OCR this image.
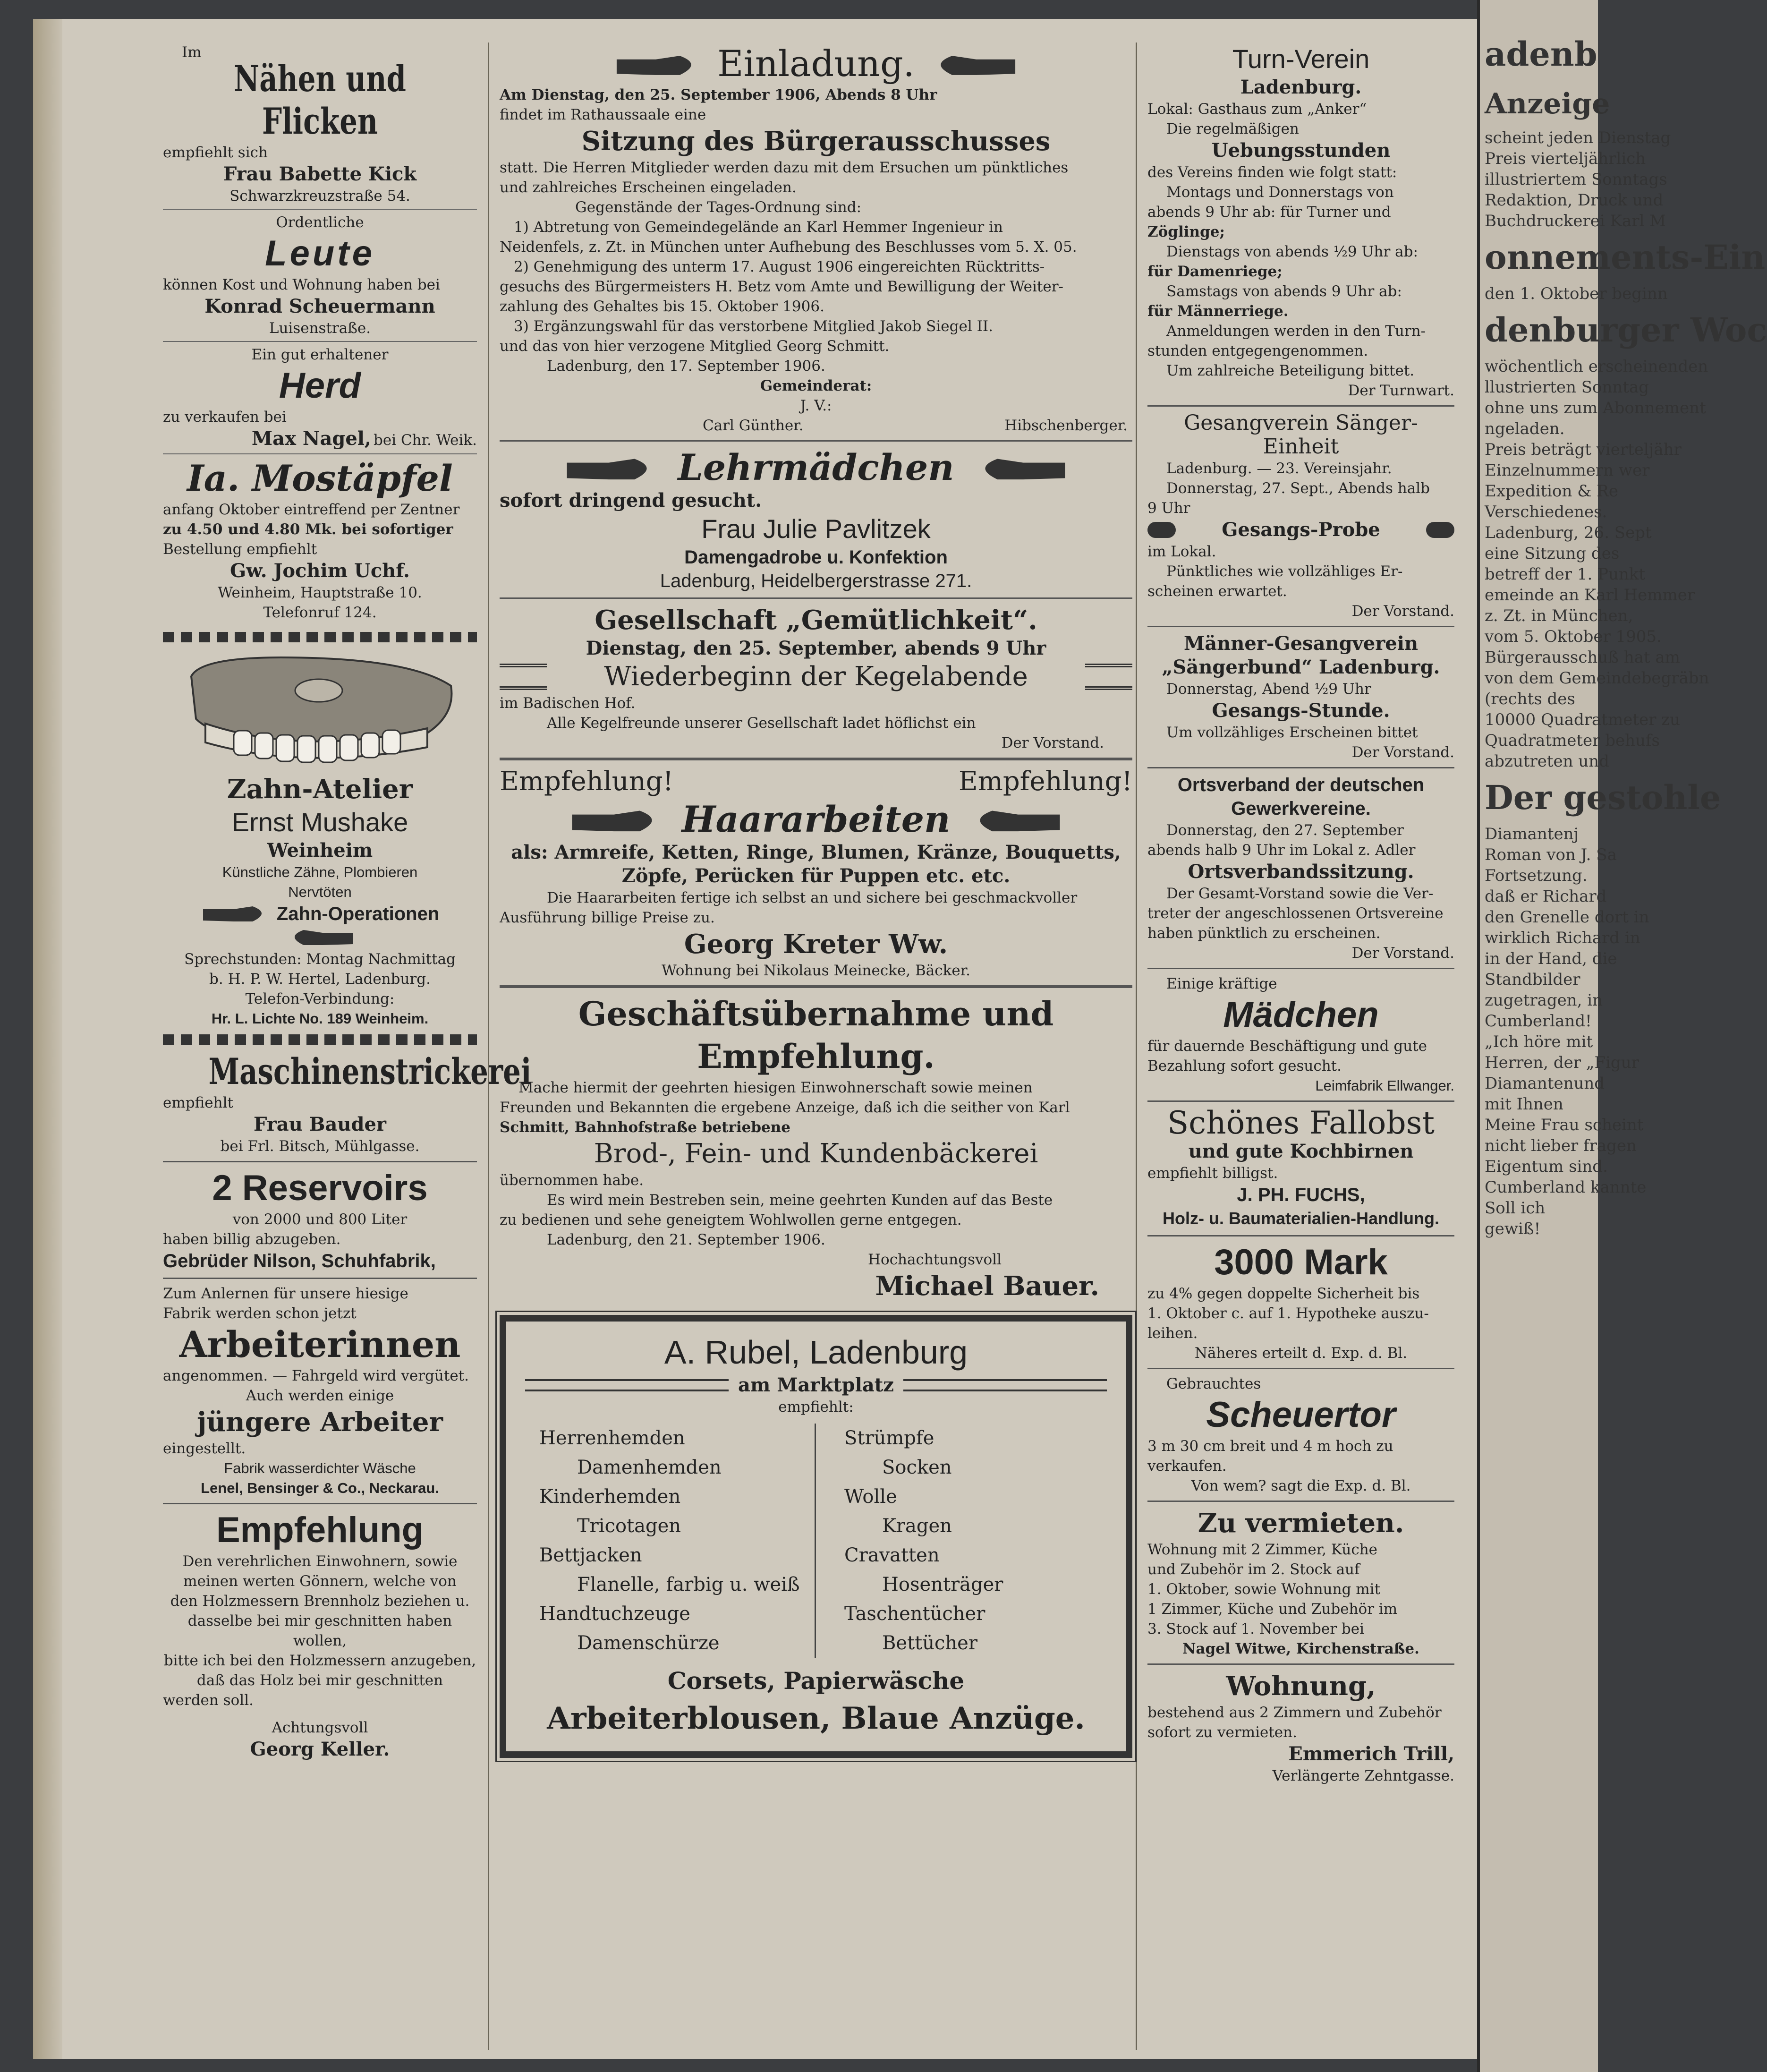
Im
Nähen und Flicken
empfiehlt sich
Frau Babette Kick
Schwarzkreuzstraße 54.
Ordentliche
Leute
können Kost und Wohnung haben bei
Konrad Scheuermann
Luisenstraße.
Ein gut erhaltener
Herd
zu verkaufen bei
Max Nagel, bei Chr. Weik.
Ia. Mostäpfel
anfang Oktober eintreffend per Zentner
zu 4.50 und 4.80 Mk. bei sofortiger
Bestellung empfiehlt
Gw. Jochim Uchf.
Weinheim, Hauptstraße 10.
Telefonruf 124.
Zahn-Atelier
Ernst Mushake
Weinheim
Künstliche Zähne, Plombieren
Nervtöten
Zahn-Operationen
Sprechstunden: Montag Nachmittag
b. H. P. W. Hertel, Ladenburg.
Telefon-Verbindung:
Hr. L. Lichte No. 189 Weinheim.
Maschinenstrickerei
empfiehlt
Frau Bauder
bei Frl. Bitsch, Mühlgasse.
2 Reservoirs
von 2000 und 800 Liter
haben billig abzugeben.
Gebrüder Nilson, Schuhfabrik,
Zum Anlernen für unsere hiesige
Fabrik werden schon jetzt
Arbeiterinnen
angenommen. — Fahrgeld wird vergütet.
Auch werden einige
jüngere Arbeiter
eingestellt.
Fabrik wasserdichter Wäsche
Lenel, Bensinger & Co., Neckarau.
Empfehlung
Den verehrlichen Einwohnern, sowie
meinen werten Gönnern, welche von
den Holzmessern Brennholz beziehen u.
dasselbe bei mir geschnitten haben wollen,
bitte ich bei den Holzmessern anzugeben,
daß das Holz bei mir geschnitten
werden soll.
Achtungsvoll
Georg Keller.
Einladung.
Am Dienstag, den 25. September 1906, Abends 8 Uhr
findet im Rathaussaale eine
Sitzung des Bürgerausschusses
statt. Die Herren Mitglieder werden dazu mit dem Ersuchen um pünktliches
und zahlreiches Erscheinen eingeladen.
Gegenstände der Tages-Ordnung sind:
1) Abtretung von Gemeindegelände an Karl Hemmer Ingenieur in
Neidenfels, z. Zt. in München unter Aufhebung des Beschlusses vom 5. X. 05.
2) Genehmigung des unterm 17. August 1906 eingereichten Rücktritts-
gesuchs des Bürgermeisters H. Betz vom Amte und Bewilligung der Weiter-
zahlung des Gehaltes bis 15. Oktober 1906.
3) Ergänzungswahl für das verstorbene Mitglied Jakob Siegel II.
und das von hier verzogene Mitglied Georg Schmitt.
Ladenburg, den 17. September 1906.
Gemeinderat:
J. V.:
Carl Günther.	Hibschenberger.
Lehrmädchen
sofort dringend gesucht.
Frau Julie Pavlitzek
Damengadrobe u. Konfektion
Ladenburg, Heidelbergerstrasse 271.
Gesellschaft „Gemütlichkeit“.
Dienstag, den 25. September, abends 9 Uhr
Wiederbeginn der Kegelabende
im Badischen Hof.
Alle Kegelfreunde unserer Gesellschaft ladet höflichst ein
Der Vorstand.
Empfehlung!	Empfehlung!
Haararbeiten
als: Armreife, Ketten, Ringe, Blumen, Kränze, Bouquetts,
Zöpfe, Perücken für Puppen etc. etc.
Die Haararbeiten fertige ich selbst an und sichere bei geschmackvoller
Ausführung billige Preise zu.
Georg Kreter Ww.
Wohnung bei Nikolaus Meinecke, Bäcker.
Geschäftsübernahme und
Empfehlung.
Mache hiermit der geehrten hiesigen Einwohnerschaft sowie meinen
Freunden und Bekannten die ergebene Anzeige, daß ich die seither von Karl
Schmitt, Bahnhofstraße betriebene
Brod-, Fein- und Kundenbäckerei
übernommen habe.
Es wird mein Bestreben sein, meine geehrten Kunden auf das Beste
zu bedienen und sehe geneigtem Wohlwollen gerne entgegen.
Ladenburg, den 21. September 1906.
Hochachtungsvoll
Michael Bauer.
A. Rubel, Ladenburg
am Marktplatz
empfiehlt:
Herrenhemden
Damenhemden
Kinderhemden
Tricotagen
Bettjacken
Flanelle, farbig u. weiß
Handtuchzeuge
Damenschürze
Strümpfe
Socken
Wolle
Kragen
Cravatten
Hosenträger
Taschentücher
Bettücher
Corsets, Papierwäsche
Arbeiterblousen, Blaue Anzüge.
Turn-Verein
Ladenburg.
Lokal: Gasthaus zum „Anker“
Die regelmäßigen
Uebungsstunden
des Vereins finden wie folgt statt:
Montags und Donnerstags von
abends 9 Uhr ab: für Turner und
Zöglinge;
Dienstags von abends ½9 Uhr ab:
für Damenriege;
Samstags von abends 9 Uhr ab:
für Männerriege.
Anmeldungen werden in den Turn-
stunden entgegengenommen.
Um zahlreiche Beteiligung bittet.
Der Turnwart.
Gesangverein Sänger-Einheit
Ladenburg. — 23. Vereinsjahr.
Donnerstag, 27. Sept., Abends halb
9 Uhr
Gesangs-Probe
im Lokal.
Pünktliches wie vollzähliges Er-
scheinen erwartet.
Der Vorstand.
Männer-Gesangverein
„Sängerbund“ Ladenburg.
Donnerstag, Abend ½9 Uhr
Gesangs-Stunde.
Um vollzähliges Erscheinen bittet
Der Vorstand.
Ortsverband der deutschen
Gewerkvereine.
Donnerstag, den 27. September
abends halb 9 Uhr im Lokal z. Adler
Ortsverbandssitzung.
Der Gesamt-Vorstand sowie die Ver-
treter der angeschlossenen Ortsvereine
haben pünktlich zu erscheinen.
Der Vorstand.
Einige kräftige
Mädchen
für dauernde Beschäftigung und gute
Bezahlung sofort gesucht.
Leimfabrik Ellwanger.
Schönes Fallobst
und gute Kochbirnen
empfiehlt billigst.
J. PH. FUCHS,
Holz- u. Baumaterialien-Handlung.
3000 Mark
zu 4% gegen doppelte Sicherheit bis
1. Oktober c. auf 1. Hypotheke auszu-
leihen.
Näheres erteilt d. Exp. d. Bl.
Gebrauchtes
Scheuertor
3 m 30 cm breit und 4 m hoch zu
verkaufen.
Von wem? sagt die Exp. d. Bl.
Zu vermieten.
Wohnung mit 2 Zimmer, Küche
und Zubehör im 2. Stock auf
1. Oktober, sowie Wohnung mit
1 Zimmer, Küche und Zubehör im
3. Stock auf 1. November bei
Nagel Witwe, Kirchenstraße.
Wohnung,
bestehend aus 2 Zimmern und Zubehör
sofort zu vermieten.
Emmerich Trill,
Verlängerte Zehntgasse.
adenb
Anzeige
scheint jeden Dienstag
Preis vierteljährlich
illustriertem Sonntags
Redaktion, Druck und
Buchdruckerei Karl M
onnements-Ein
den 1. Oktober beginn
denburger Woc
wöchentlich erscheinenden
llustrierten Sonntag
ohne uns zum Abonnement
ngeladen.
Preis beträgt vierteljähr
Einzelnummern wer
Expedition & Re
Verschiedenes.
Ladenburg, 26. Sept
eine Sitzung des
betreff der 1. Punkt
emeinde an Karl Hemmer
z. Zt. in München,
vom 5. Oktober 1905.
Bürgerausschuß hat am
von dem Gemeindebegräbn
(rechts des
10000 Quadratmeter zu
Quadratmeter behufs
abzutreten und
Der gestohle
Diamantenj
Roman von J. Sa
Fortsetzung.
daß er Richard
den Grenelle dort in
wirklich Richard in
in der Hand, die
Standbilder
zugetragen, in
Cumberland!
„Ich höre mit
Herren, der „Figur
Diamantenund
mit Ihnen
Meine Frau scheint
nicht lieber fragen
Eigentum sind.
Cumberland kannte
Soll ich
gewiß!
